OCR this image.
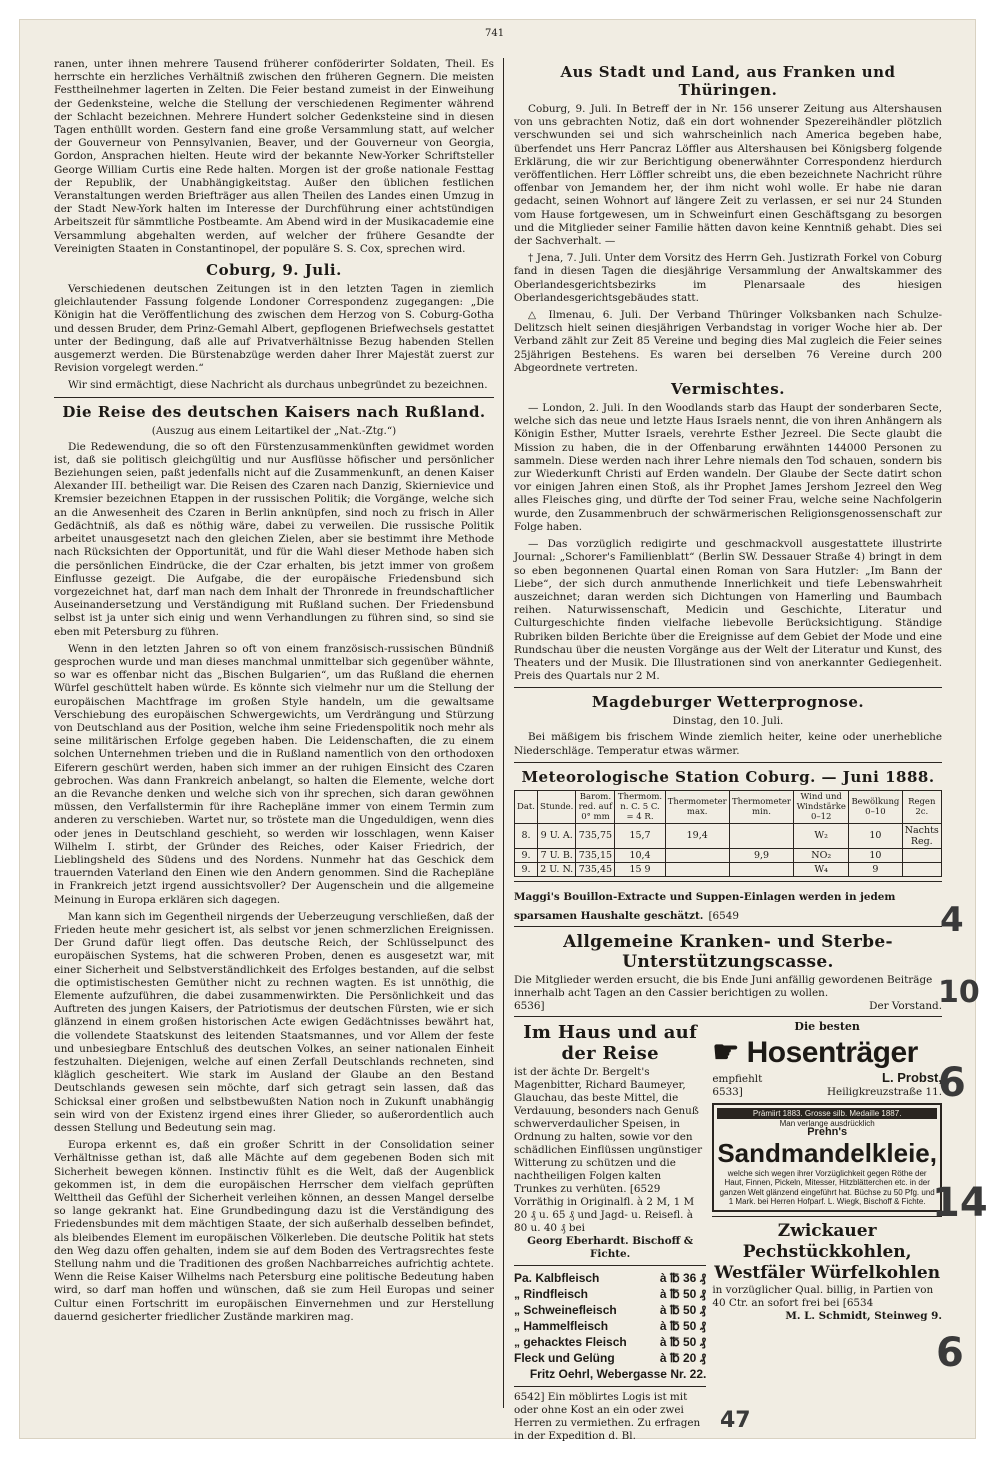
741

ranen, unter ihnen mehrere Tausend früherer conföderirter Soldaten, Theil. Es herrschte ein herzliches Verhältniß zwischen den früheren Gegnern. Die meisten Festtheilnehmer lagerten in Zelten. Die Feier bestand zumeist in der Einweihung der Gedenksteine, welche die Stellung der verschiedenen Regimenter während der Schlacht bezeichnen. Mehrere Hundert solcher Gedenksteine sind in diesen Tagen enthüllt worden. Gestern fand eine große Versammlung statt, auf welcher der Gouverneur von Pennsylvanien, Beaver, und der Gouverneur von Georgia, Gordon, Ansprachen hielten. Heute wird der bekannte New-Yorker Schriftsteller George William Curtis eine Rede halten. Morgen ist der große nationale Festtag der Republik, der Unabhängigkeitstag. Außer den üblichen festlichen Veranstaltungen werden Briefträger aus allen Theilen des Landes einen Umzug in der Stadt New-York halten im Interesse der Durchführung einer achtstündigen Arbeitszeit für sämmtliche Postbeamte. Am Abend wird in der Musikacademie eine Versammlung abgehalten werden, auf welcher der frühere Gesandte der Vereinigten Staaten in Constantinopel, der populäre S. S. Cox, sprechen wird.

Coburg, 9. Juli.

Verschiedenen deutschen Zeitungen ist in den letzten Tagen in ziemlich gleichlautender Fassung folgende Londoner Correspondenz zugegangen: „Die Königin hat die Veröffentlichung des zwischen dem Herzog von S. Coburg-Gotha und dessen Bruder, dem Prinz-Gemahl Albert, gepflogenen Briefwechsels gestattet unter der Bedingung, daß alle auf Privatverhältnisse Bezug habenden Stellen ausgemerzt werden. Die Bürstenabzüge werden daher Ihrer Majestät zuerst zur Revision vorgelegt werden.“

Wir sind ermächtigt, diese Nachricht als durchaus unbegründet zu bezeichnen.

Die Reise des deutschen Kaisers nach Rußland.
(Auszug aus einem Leitartikel der „Nat.-Ztg.“)

Die Redewendung, die so oft den Fürstenzusammenkünften gewidmet worden ist, daß sie politisch gleichgültig und nur Ausflüsse höfischer und persönlicher Beziehungen seien, paßt jedenfalls nicht auf die Zusammenkunft, an denen Kaiser Alexander III. betheiligt war. Die Reisen des Czaren nach Danzig, Skiernievice und Kremsier bezeichnen Etappen in der russischen Politik; die Vorgänge, welche sich an die Anwesenheit des Czaren in Berlin anknüpfen, sind noch zu frisch in Aller Gedächtniß, als daß es nöthig wäre, dabei zu verweilen. Die russische Politik arbeitet unausgesetzt nach den gleichen Zielen, aber sie bestimmt ihre Methode nach Rücksichten der Opportunität, und für die Wahl dieser Methode haben sich die persönlichen Eindrücke, die der Czar erhalten, bis jetzt immer von großem Einflusse gezeigt. Die Aufgabe, die der europäische Friedensbund sich vorgezeichnet hat, darf man nach dem Inhalt der Thronrede in freundschaftlicher Auseinandersetzung und Verständigung mit Rußland suchen. Der Friedensbund selbst ist ja unter sich einig und wenn Verhandlungen zu führen sind, so sind sie eben mit Petersburg zu führen.

Wenn in den letzten Jahren so oft von einem französisch-russischen Bündniß gesprochen wurde und man dieses manchmal unmittelbar sich gegenüber wähnte, so war es offenbar nicht das „Bischen Bulgarien“, um das Rußland die ehernen Würfel geschüttelt haben würde. Es könnte sich vielmehr nur um die Stellung der europäischen Machtfrage im großen Style handeln, um die gewaltsame Verschiebung des europäischen Schwergewichts, um Verdrängung und Stürzung von Deutschland aus der Position, welche ihm seine Friedenspolitik noch mehr als seine militärischen Erfolge gegeben haben. Die Leidenschaften, die zu einem solchen Unternehmen trieben und die in Rußland namentlich von den orthodoxen Eiferern geschürt werden, haben sich immer an der ruhigen Einsicht des Czaren gebrochen. Was dann Frankreich anbelangt, so halten die Elemente, welche dort an die Revanche denken und welche sich von ihr sprechen, sich daran gewöhnen müssen, den Verfallstermin für ihre Rachepläne immer von einem Termin zum anderen zu verschieben. Wartet nur, so tröstete man die Ungeduldigen, wenn dies oder jenes in Deutschland geschieht, so werden wir losschlagen, wenn Kaiser Wilhelm I. stirbt, der Gründer des Reiches, oder Kaiser Friedrich, der Lieblingsheld des Südens und des Nordens. Nunmehr hat das Geschick dem trauernden Vaterland den Einen wie den Andern genommen. Sind die Rachepläne in Frankreich jetzt irgend aussichtsvoller? Der Augenschein und die allgemeine Meinung in Europa erklären sich dagegen.

Man kann sich im Gegentheil nirgends der Ueberzeugung verschließen, daß der Frieden heute mehr gesichert ist, als selbst vor jenen schmerzlichen Ereignissen. Der Grund dafür liegt offen. Das deutsche Reich, der Schlüsselpunct des europäischen Systems, hat die schweren Proben, denen es ausgesetzt war, mit einer Sicherheit und Selbstverständlichkeit des Erfolges bestanden, auf die selbst die optimistischesten Gemüther nicht zu rechnen wagten. Es ist unnöthig, die Elemente aufzuführen, die dabei zusammenwirkten. Die Persönlichkeit und das Auftreten des jungen Kaisers, der Patriotismus der deutschen Fürsten, wie er sich glänzend in einem großen historischen Acte ewigen Gedächtnisses bewährt hat, die vollendete Staatskunst des leitenden Staatsmannes, und vor Allem der feste und unbesiegbare Entschluß des deutschen Volkes, an seiner nationalen Einheit festzuhalten. Diejenigen, welche auf einen Zerfall Deutschlands rechneten, sind kläglich gescheitert. Wie stark im Ausland der Glaube an den Bestand Deutschlands gewesen sein möchte, darf sich getragt sein lassen, daß das Schicksal einer großen und selbstbewußten Nation noch in Zukunft unabhängig sein wird von der Existenz irgend eines ihrer Glieder, so außerordentlich auch dessen Stellung und Bedeutung sein mag.

Europa erkennt es, daß ein großer Schritt in der Consolidation seiner Verhältnisse gethan ist, daß alle Mächte auf dem gegebenen Boden sich mit Sicherheit bewegen können. Instinctiv fühlt es die Welt, daß der Augenblick gekommen ist, in dem die europäischen Herrscher dem vielfach geprüften Welttheil das Gefühl der Sicherheit verleihen können, an dessen Mangel derselbe so lange gekrankt hat. Eine Grundbedingung dazu ist die Verständigung des Friedensbundes mit dem mächtigen Staate, der sich außerhalb desselben befindet, als bleibendes Element im europäischen Völkerleben. Die deutsche Politik hat stets den Weg dazu offen gehalten, indem sie auf dem Boden des Vertragsrechtes feste Stellung nahm und die Traditionen des großen Nachbarreiches aufrichtig achtete. Wenn die Reise Kaiser Wilhelms nach Petersburg eine politische Bedeutung haben wird, so darf man hoffen und wünschen, daß sie zum Heil Europas und seiner Cultur einen Fortschritt im europäischen Einvernehmen und zur Herstellung dauernd gesicherter friedlicher Zustände markiren mag.

Aus Stadt und Land, aus Franken und Thüringen.

Coburg, 9. Juli. In Betreff der in Nr. 156 unserer Zeitung aus Altershausen von uns gebrachten Notiz, daß ein dort wohnender Spezereihändler plötzlich verschwunden sei und sich wahrscheinlich nach America begeben habe, überfendet uns Herr Pancraz Löffler aus Altershausen bei Königsberg folgende Erklärung, die wir zur Berichtigung obenerwähnter Correspondenz hierdurch veröffentlichen. Herr Löffler schreibt uns, die eben bezeichnete Nachricht rühre offenbar von Jemandem her, der ihm nicht wohl wolle. Er habe nie daran gedacht, seinen Wohnort auf längere Zeit zu verlassen, er sei nur 24 Stunden vom Hause fortgewesen, um in Schweinfurt einen Geschäftsgang zu besorgen und die Mitglieder seiner Familie hätten davon keine Kenntniß gehabt. Dies sei der Sachverhalt. —

† Jena, 7. Juli. Unter dem Vorsitz des Herrn Geh. Justizrath Forkel von Coburg fand in diesen Tagen die diesjährige Versammlung der Anwaltskammer des Oberlandesgerichtsbezirks im Plenarsaale des hiesigen Oberlandesgerichtsgebäudes statt.

△ Ilmenau, 6. Juli. Der Verband Thüringer Volksbanken nach Schulze-Delitzsch hielt seinen diesjährigen Verbandstag in voriger Woche hier ab. Der Verband zählt zur Zeit 85 Vereine und beging dies Mal zugleich die Feier seines 25jährigen Bestehens. Es waren bei derselben 76 Vereine durch 200 Abgeordnete vertreten.

Vermischtes.

— London, 2. Juli. In den Woodlands starb das Haupt der sonderbaren Secte, welche sich das neue und letzte Haus Israels nennt, die von ihren Anhängern als Königin Esther, Mutter Israels, verehrte Esther Jezreel. Die Secte glaubt die Mission zu haben, die in der Offenbarung erwähnten 144000 Personen zu sammeln. Diese werden nach ihrer Lehre niemals den Tod schauen, sondern bis zur Wiederkunft Christi auf Erden wandeln. Der Glaube der Secte datirt schon vor einigen Jahren einen Stoß, als ihr Prophet James Jershom Jezreel den Weg alles Fleisches ging, und dürfte der Tod seiner Frau, welche seine Nachfolgerin wurde, den Zusammenbruch der schwärmerischen Religionsgenossenschaft zur Folge haben.

— Das vorzüglich redigirte und geschmackvoll ausgestattete illustrirte Journal: „Schorer's Familienblatt“ (Berlin SW. Dessauer Straße 4) bringt in dem so eben begonnenen Quartal einen Roman von Sara Hutzler: „Im Bann der Liebe“, der sich durch anmuthende Innerlichkeit und tiefe Lebenswahrheit auszeichnet; daran werden sich Dichtungen von Hamerling und Baumbach reihen. Naturwissenschaft, Medicin und Geschichte, Literatur und Culturgeschichte finden vielfache liebevolle Berücksichtigung. Ständige Rubriken bilden Berichte über die Ereignisse auf dem Gebiet der Mode und eine Rundschau über die neusten Vorgänge aus der Welt der Literatur und Kunst, des Theaters und der Musik. Die Illustrationen sind von anerkannter Gediegenheit. Preis des Quartals nur 2 M.

Magdeburger Wetterprognose.
Dinstag, den 10. Juli.

Bei mäßigem bis frischem Winde ziemlich heiter, keine oder unerhebliche Niederschläge. Temperatur etwas wärmer.

Meteorologische Station Coburg. — Juni 1888.
Dat.	Stunde.	Barom. red. auf 0° mm	Thermom. n. C. 5 C. = 4 R.	Thermometer max.	Thermometer min.	Wind und Windstärke 0–12	Bewölkung 0–10	Regen 2c.
8.	9 U. A.	735,75	15,7	19,4		W₂	10	Nachts Reg.
9.	7 U. B.	735,15	10,4		9,9	NO₂	10	
9.	2 U. N.	735,45	15 9			W₄	9	
Maggi's Bouillon-Extracte und Suppen-Einlagen werden in jedem sparsamen Haushalte geschätzt. [6549
Allgemeine Kranken- und Sterbe-Unterstützungscasse.
Die Mitglieder werden ersucht, die bis Ende Juni anfällig gewordenen Beiträge innerhalb acht Tagen an den Cassier berichtigen zu wollen.
6536]	Der Vorstand.
Im Haus und auf der Reise
ist der ächte Dr. Bergelt's Magenbitter, Richard Baumeyer, Glauchau, das beste Mittel, die Verdauung, besonders nach Genuß schwerverdaulicher Speisen, in Ordnung zu halten, sowie vor den schädlichen Einflüssen ungünstiger Witterung zu schützen und die nachtheiligen Folgen kalten Trunkes zu verhüten. [6529 Vorräthig in Originalfl. à 2 M, 1 M 20 ₰ u. 65 ₰ und Jagd- u. Reisefl. à 80 u. 40 ₰ bei
Georg Eberhardt. Bischoff & Fichte.
Pa. Kalbfleisch	à ℔ 36 ₰
„ Rindfleisch	à ℔ 50 ₰
„ Schweinefleisch	à ℔ 50 ₰
„ Hammelfleisch	à ℔ 50 ₰
„ gehacktes Fleisch	à ℔ 50 ₰
Fleck und Gelüng	à ℔ 20 ₰
Fritz Oehrl, Webergasse Nr. 22.
6542] Ein möblirtes Logis ist mit oder ohne Kost an ein oder zwei Herren zu vermiethen. Zu erfragen in der Expedition d. Bl.
Die besten
☛ Hosenträger
empfiehlt	L. Probst,
6533]	Heiligkreuzstraße 11.
Prämiirt 1883. Grosse silb. Medaille 1887.
Man verlange ausdrücklich
Prehn's
Sandmandelkleie,
welche sich wegen ihrer Vorzüglichkeit gegen Röthe der Haut, Finnen, Pickeln, Mitesser, Hitzblätterchen etc. in der ganzen Welt glänzend eingeführt hat. Büchse zu 50 Pfg. und 1 Mark. bei Herren Hofparf. L. Wiegk, Bischoff & Fichte.
Zwickauer Pechstückkohlen, Westfäler Würfelkohlen
in vorzüglicher Qual. billig, in Partien von 40 Ctr. an sofort frei bei [6534
M. L. Schmidt, Steinweg 9.
4
10
6
14
6
47
